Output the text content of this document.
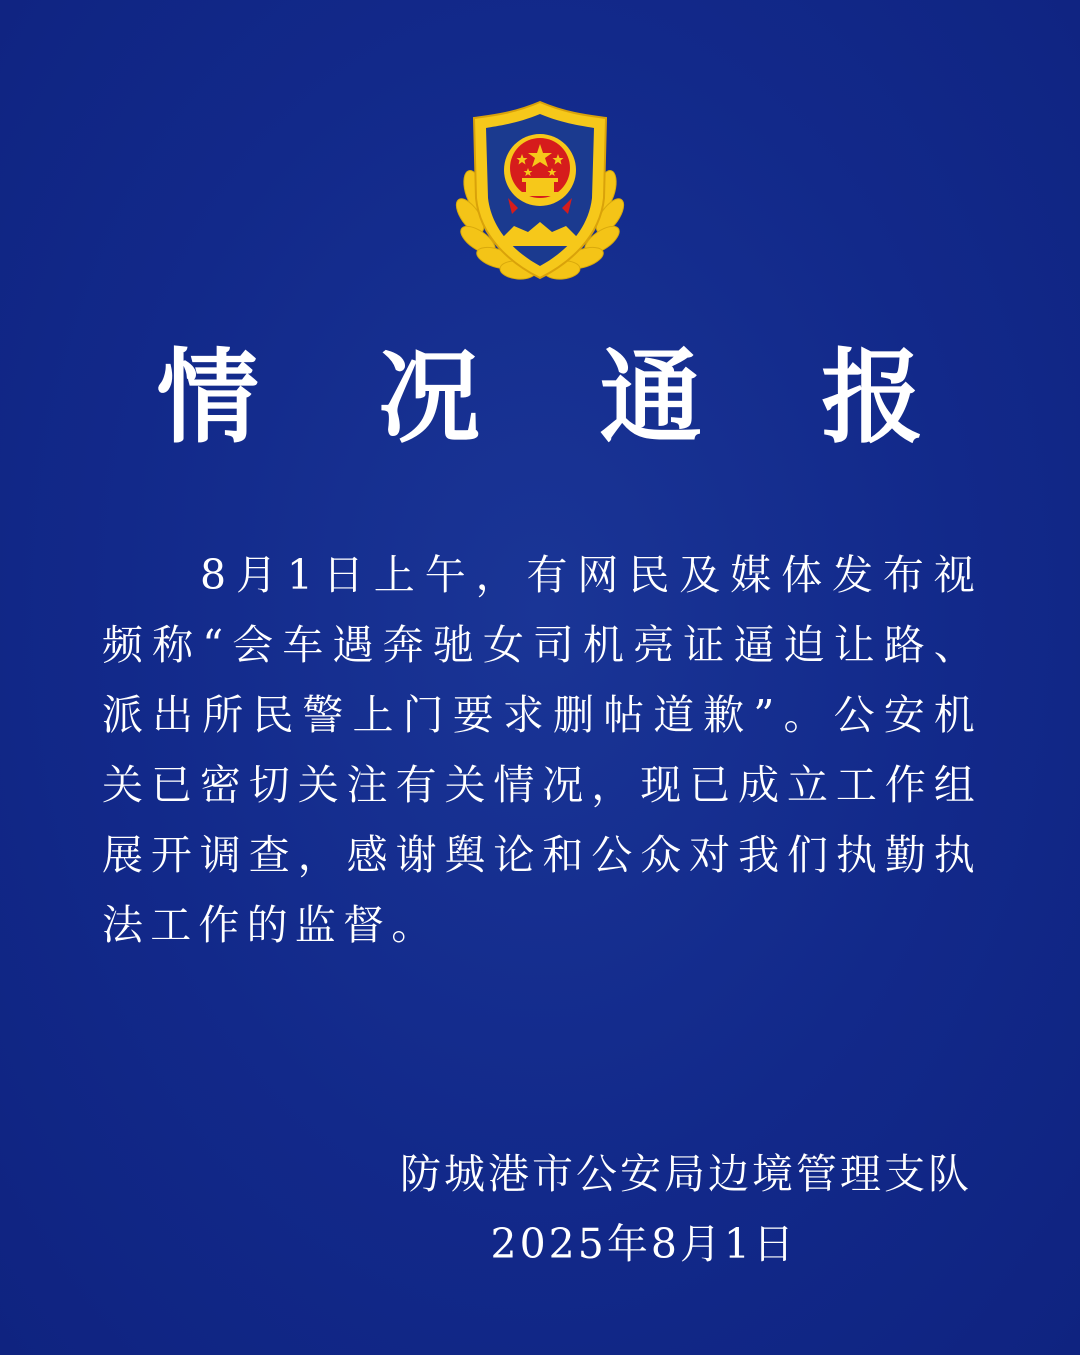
情 况 通 报
8月1日上午，有网民及媒体发布视频称“会车遇奔驰女司机亮证逼迫让路、派出所民警上门要求删帖道歉”。公安机关已密切关注有关情况，现已成立工作组展开调查，感谢舆论和公众对我们执勤执法工作的监督。
防城港市公安局边境管理支队
2025年8月1日
